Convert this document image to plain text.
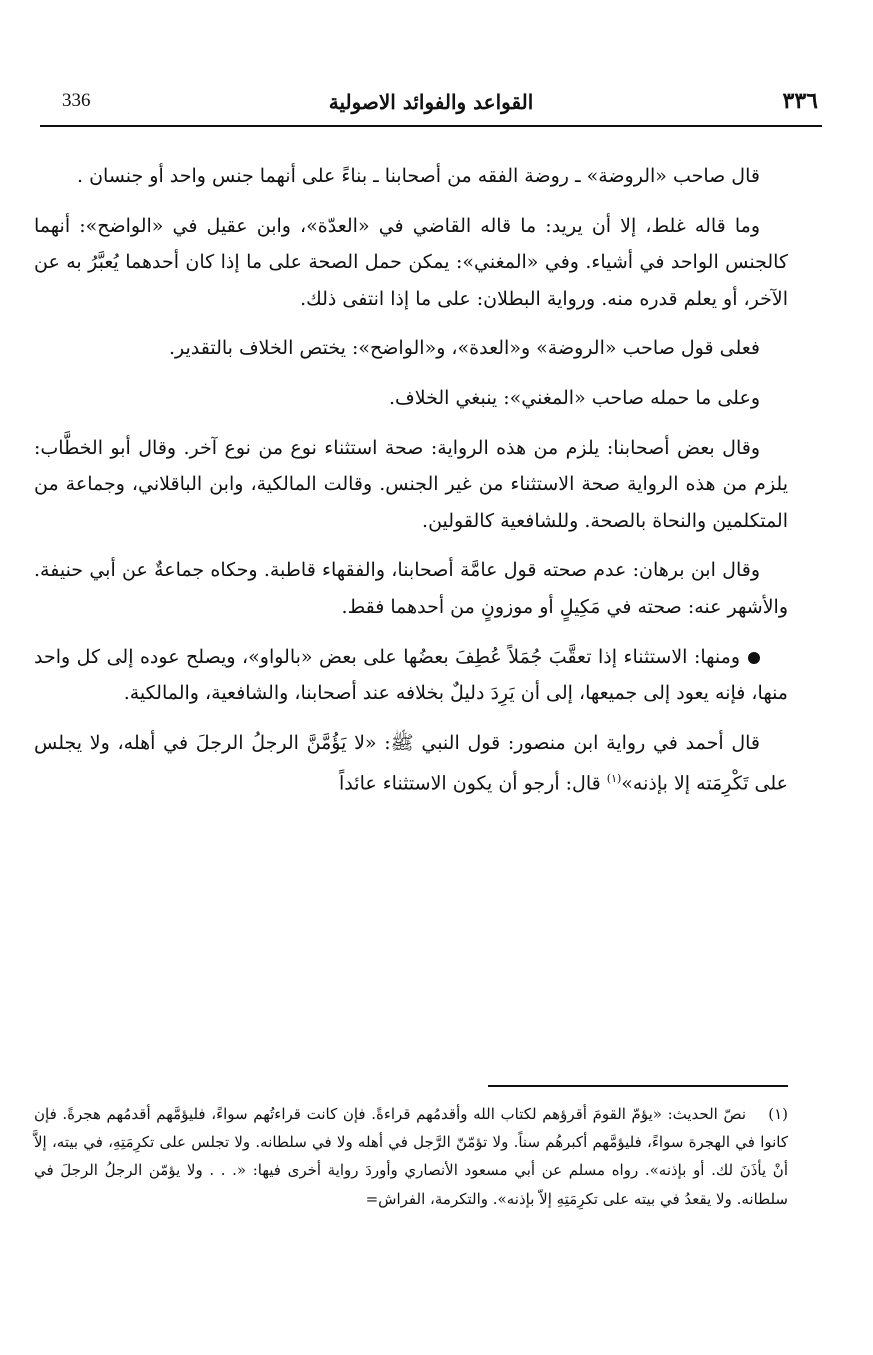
٣٣٦
القواعد والفوائد الاصولية
336

قال صاحب «الروضة» ـ روضة الفقه من أصحابنا ـ بناءً على أنهما جنس واحد أو جنسان .

وما قاله غلط، إلا أن يريد: ما قاله القاضي في «العدّة»، وابن عقيل في «الواضح»: أنهما كالجنس الواحد في أشياء. وفي «المغني»: يمكن حمل الصحة على ما إذا كان أحدهما يُعبَّرُ به عن الآخر، أو يعلم قدره منه. ورواية البطلان: على ما إذا انتفى ذلك.

فعلى قول صاحب «الروضة» و«العدة»، و«الواضح»: يختص الخلاف بالتقدير.

وعلى ما حمله صاحب «المغني»: ينبغي الخلاف.

وقال بعض أصحابنا: يلزم من هذه الرواية: صحة استثناء نوع من نوع آخر. وقال أبو الخطَّاب: يلزم من هذه الرواية صحة الاستثناء من غير الجنس. وقالت المالكية، وابن الباقلاني، وجماعة من المتكلمين والنحاة بالصحة. وللشافعية كالقولين.

وقال ابن برهان: عدم صحته قول عامَّة أصحابنا، والفقهاء قاطبة. وحكاه جماعةٌ عن أبي حنيفة. والأشهر عنه: صحته في مَكِيلٍ أو موزونٍ من أحدهما فقط.

ومنها: الاستثناء إذا تعقَّبَ جُمَلاً عُطِفَ بعضُها على بعض «بالواو»، ويصلح عوده إلى كل واحد منها، فإنه يعود إلى جميعها، إلى أن يَرِدَ دليلٌ بخلافه عند أصحابنا، والشافعية، والمالكية.

قال أحمد في رواية ابن منصور: قول النبي ﷺ: «لا يَؤُمَّنَّ الرجلُ الرجلَ في أهله، ولا يجلس على تَكْرِمَته إلا بإذنه»$^{(١)}$ قال: أرجو أن يكون الاستثناء عائداً

(١)نصّ الحديث: «يؤمّ القومَ أقرؤهم لكتاب الله وأقدمُهم قراءةً. فإن كانت قراءتُهم سواءً، فليؤمَّهم أقدمُهم هجرةً. فإن كانوا في الهجرة سواءً، فليؤمَّهم أكبرهُم سناً. ولا تؤمّنّ الرَّجل في أهله ولا في سلطانه. ولا تجلس على تكرِمَتِهِ، في بيته، إلاَّ أنْ يأذَنَ لك. أو بإذنه». رواه مسلم عن أبي مسعود الأنصاري وأوردَ رواية أخرى فيها: «. . . ولا يؤمّن الرجلُ الرجلَ في سلطانه. ولا يقعدُ في بيته على تكرِمَتِهِ إلاّ بإذنه». والتكرمة، الفراش=
